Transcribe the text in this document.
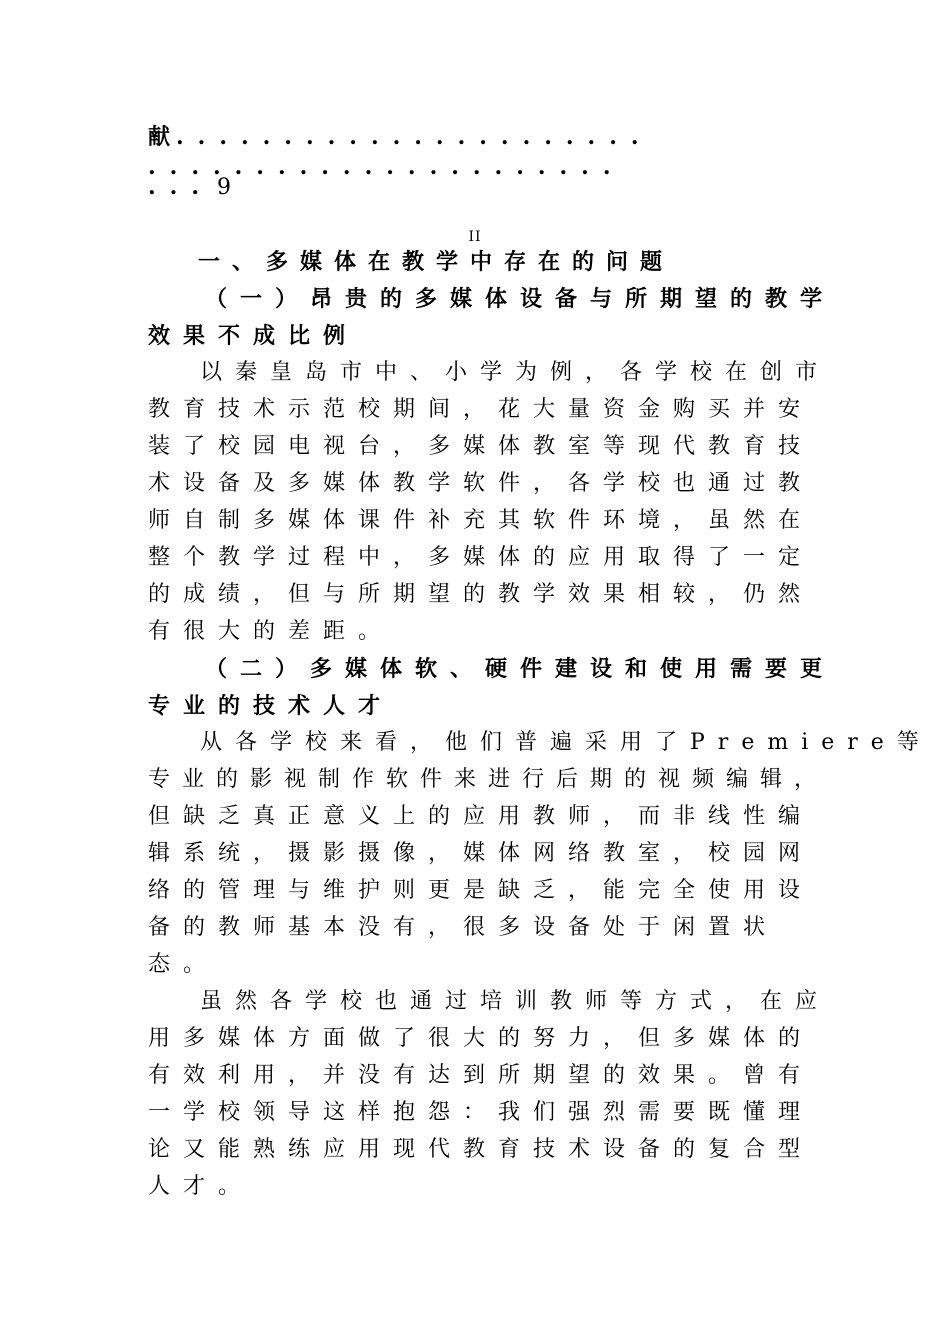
献......................
......................
... 9
II
一、多媒体在教学中存在的问题
（一）昂贵的多媒体设备与所期望的教学
效果不成比例
以秦皇岛市中、小学为例，各学校在创市
教育技术示范校期间，花大量资金购买并安
装了校园电视台，多媒体教室等现代教育技
术设备及多媒体教学软件，各学校也通过教
师自制多媒体课件补充其软件环境，虽然在
整个教学过程中，多媒体的应用取得了一定
的成绩，但与所期望的教学效果相较，仍然
有很大的差距。
（二）多媒体软、硬件建设和使用需要更
专业的技术人才
从各学校来看，他们普遍采用了Premiere等
专业的影视制作软件来进行后期的视频编辑，
但缺乏真正意义上的应用教师，而非线性编
辑系统，摄影摄像，媒体网络教室，校园网
络的管理与维护则更是缺乏，能完全使用设
备的教师基本没有，很多设备处于闲置状
态。
虽然各学校也通过培训教师等方式，在应
用多媒体方面做了很大的努力，但多媒体的
有效利用，并没有达到所期望的效果。曾有
一学校领导这样抱怨：我们强烈需要既懂理
论又能熟练应用现代教育技术设备的复合型
人才。
